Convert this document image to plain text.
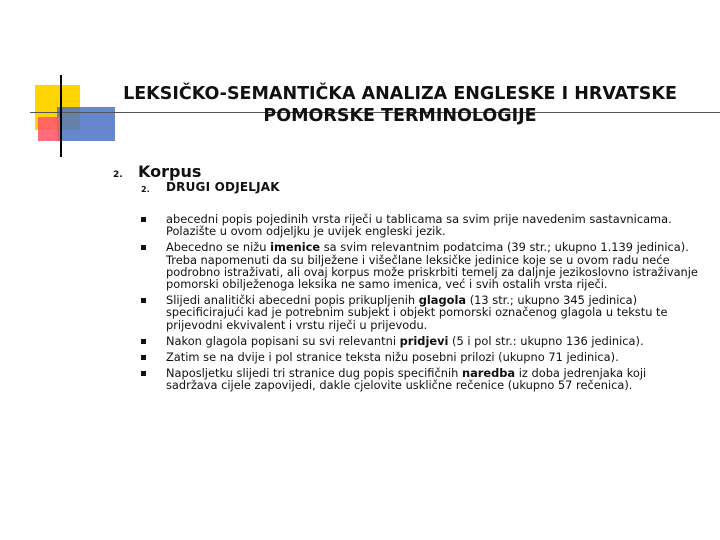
LEKSIČKO-SEMANTIČKA ANALIZA ENGLESKE I HRVATSKE POMORSKE TERMINOLOGIJE
2. Korpus
2. DRUGI ODJELJAK
abecedni popis pojedinih vrsta riječi u tablicama sa svim prije navedenim sastavnicama. Polazište u ovom odjeljku je uvijek engleski jezik.
Abecedno se nižu imenice sa svim relevantnim podatcima (39 str.; ukupno 1.139 jedinica). Treba napomenuti da su bilježene i višečlane leksičke jedinice koje se u ovom radu neće podrobno istraživati, ali ovaj korpus može priskrbiti temelj za daljnje jezikoslovno istraživanje pomorski obilježenoga leksika ne samo imenica, već i svih ostalih vrsta riječi.
Slijedi analitički abecedni popis prikupljenih glagola (13 str.; ukupno 345 jedinica) specificirajući kad je potrebnim subjekt i objekt pomorski označenog glagola u tekstu te prijevodni ekvivalent i vrstu riječi u prijevodu.
Nakon glagola popisani su svi relevantni pridjevi (5 i pol str.: ukupno 136 jedinica).
Zatim se na dvije i pol stranice teksta nižu posebni prilozi (ukupno 71 jedinica).
Naposljetku slijedi tri stranice dug popis specifičnih naredba iz doba jedrenjaka koji sadržava cijele zapovijedi, dakle cjelovite usklične rečenice (ukupno 57 rečenica).
